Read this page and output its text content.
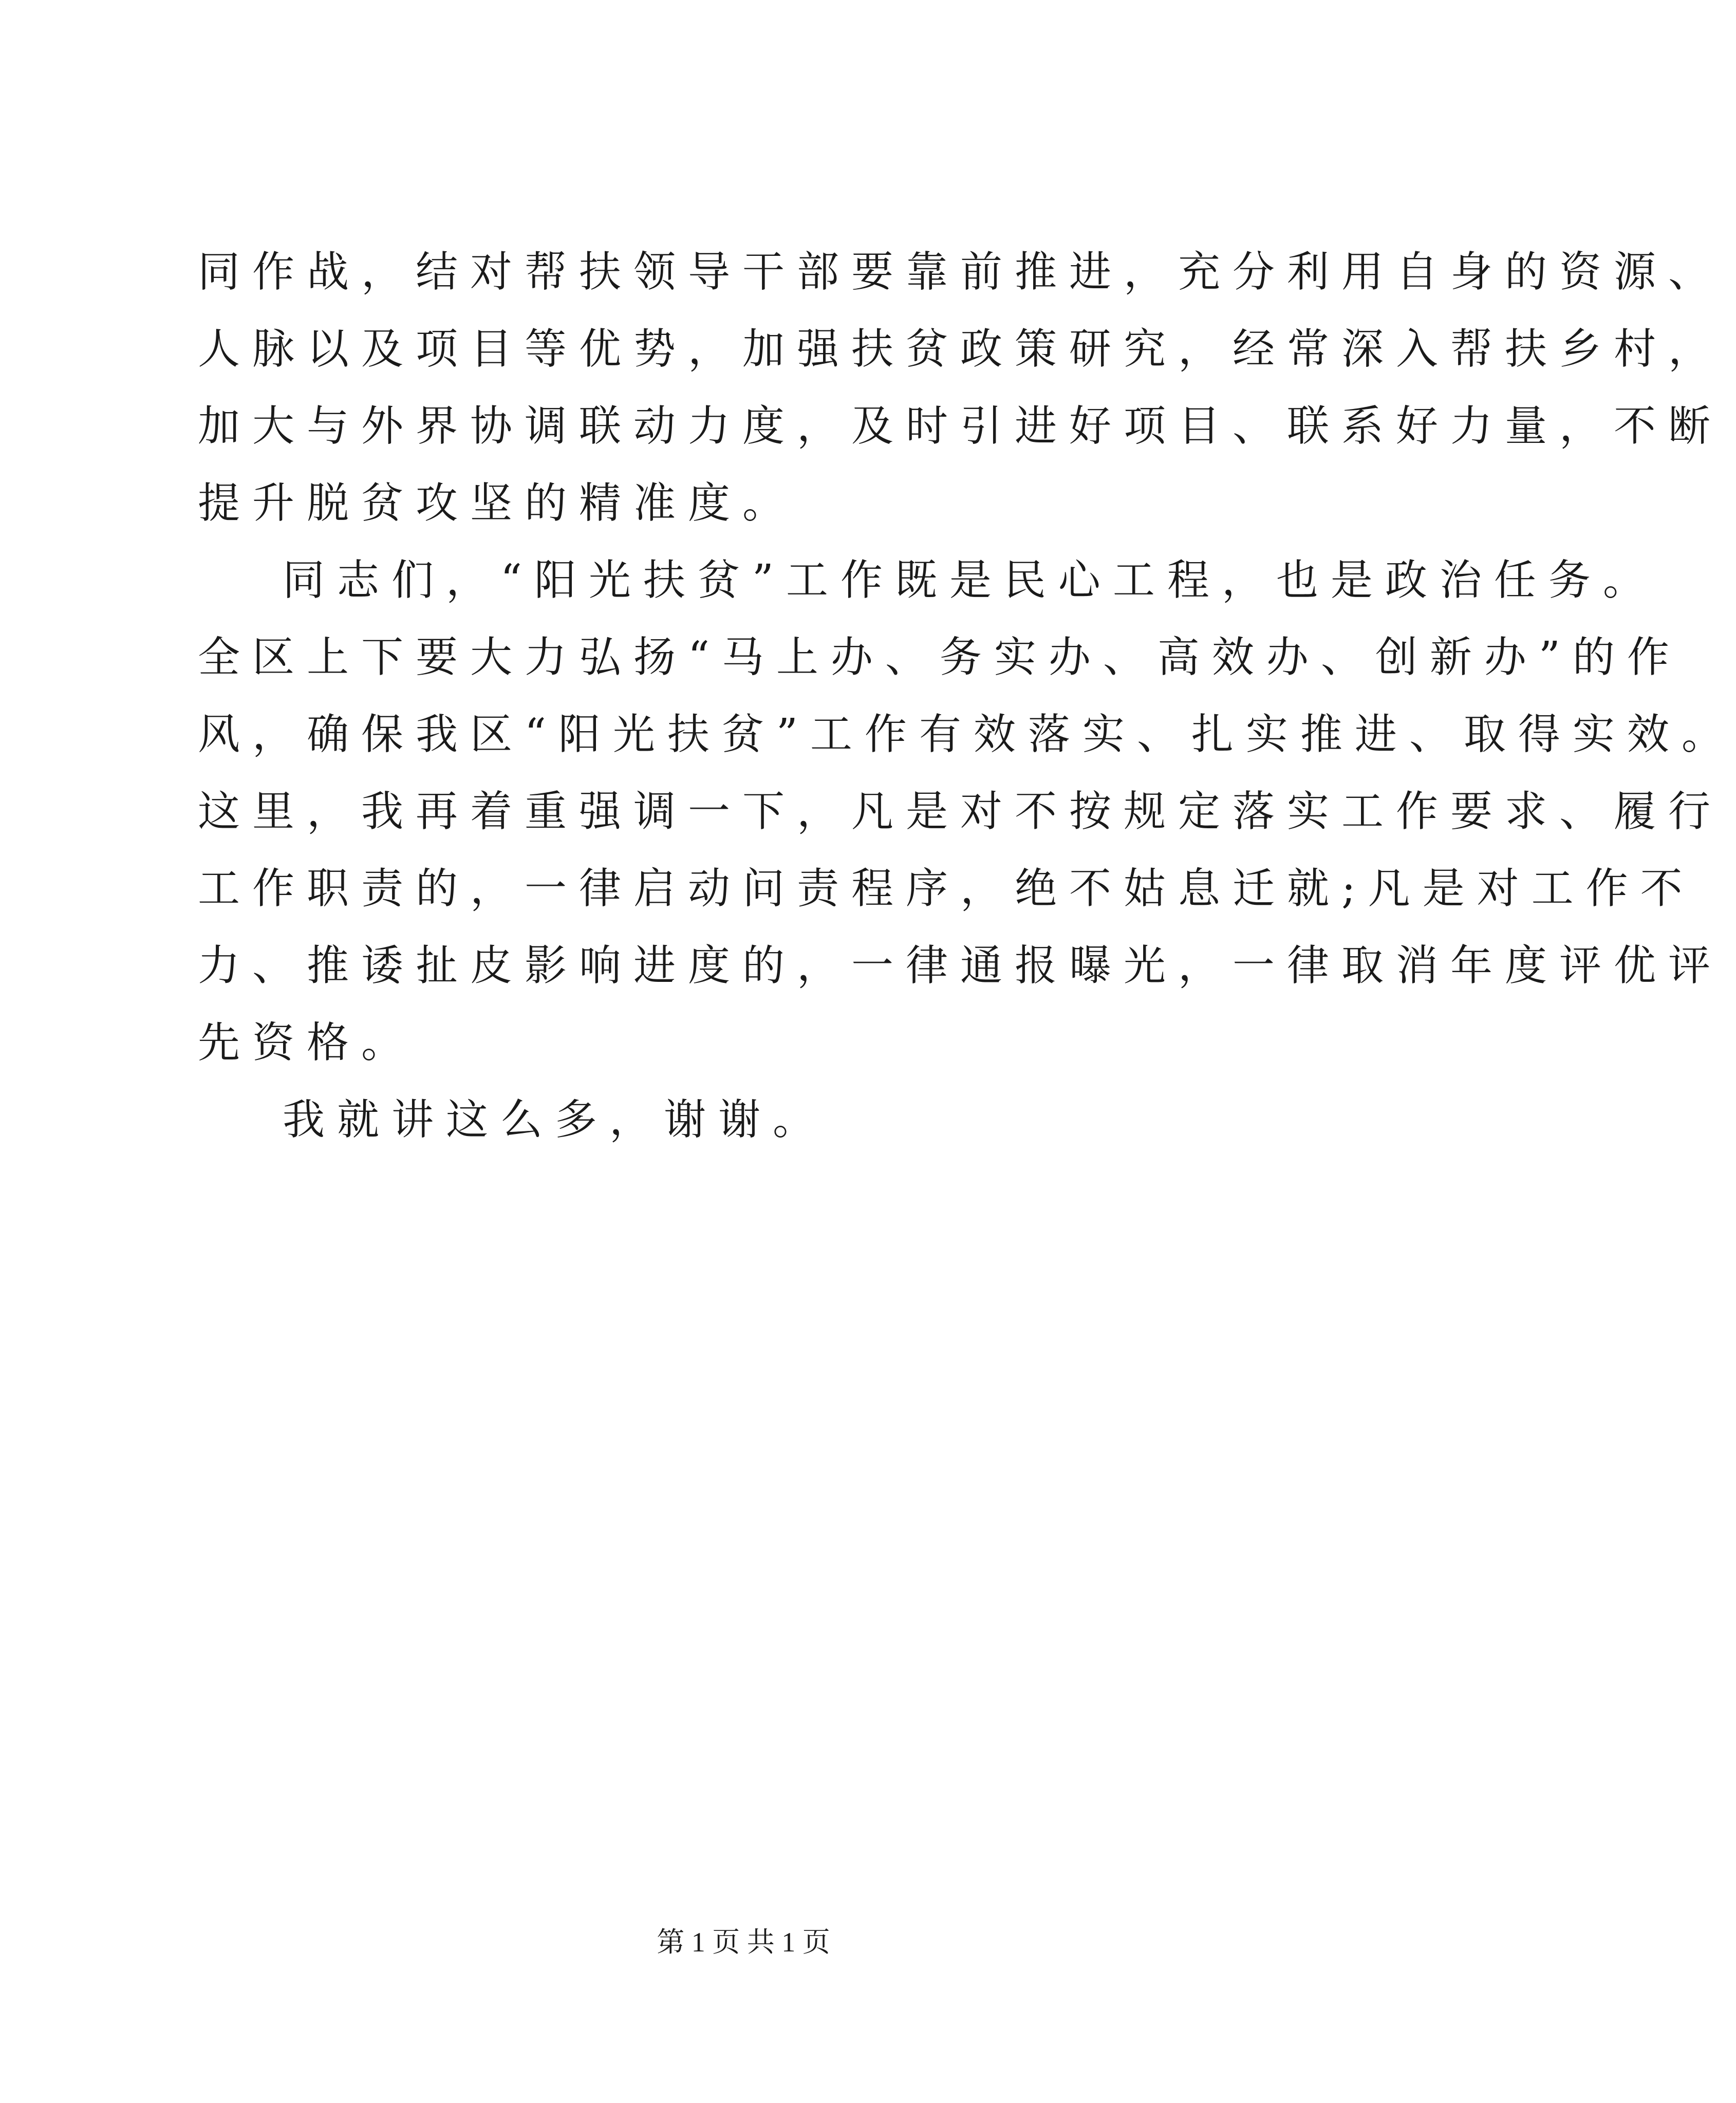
同作战，结对帮扶领导干部要靠前推进，充分利用自身的资源、
人脉以及项目等优势，加强扶贫政策研究，经常深入帮扶乡村，
加大与外界协调联动力度，及时引进好项目、联系好力量，不断
提升脱贫攻坚的精准度。
同志们，“阳光扶贫”工作既是民心工程，也是政治任务。
全区上下要大力弘扬“马上办、务实办、高效办、创新办”的作
风，确保我区“阳光扶贫”工作有效落实、扎实推进、取得实效。
这里，我再着重强调一下，凡是对不按规定落实工作要求、履行
工作职责的，一律启动问责程序，绝不姑息迁就;凡是对工作不
力、推诿扯皮影响进度的，一律通报曝光，一律取消年度评优评
先资格。
我就讲这么多，谢谢。
第 1 页 共 1 页
